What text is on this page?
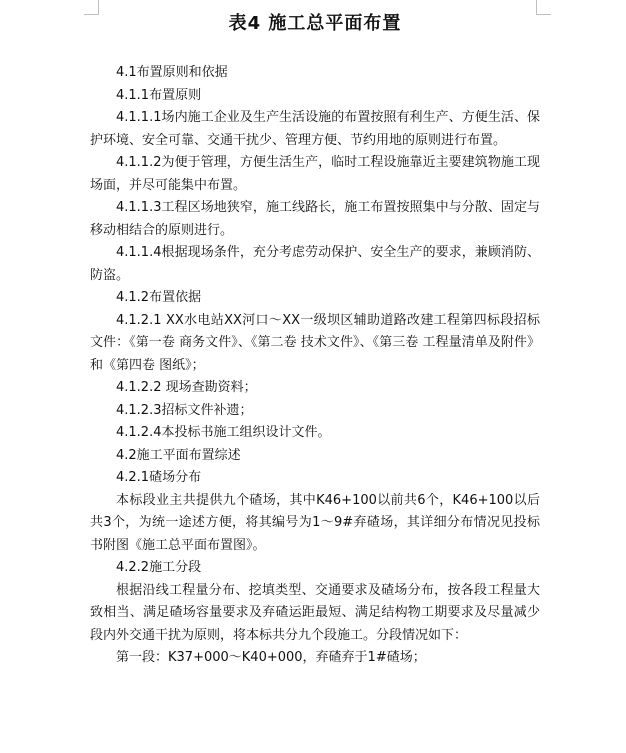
表4 施工总平面布置

4.1布置原则和依据

4.1.1布置原则

4.1.1.1场内施工企业及生产生活设施的布置按照有利生产、方便生活、保护环境、安全可靠、交通干扰少、管理方便、节约用地的原则进行布置。

4.1.1.2为便于管理，方便生活生产，临时工程设施靠近主要建筑物施工现场面，并尽可能集中布置。

4.1.1.3工程区场地狭窄，施工线路长，施工布置按照集中与分散、固定与移动相结合的原则进行。

4.1.1.4根据现场条件，充分考虑劳动保护、安全生产的要求，兼顾消防、防盗。

4.1.2布置依据

4.1.2.1 XX水电站XX河口～XX一级坝区辅助道路改建工程第四标段招标文件：《第一卷 商务文件》、《第二卷 技术文件》、《第三卷 工程量清单及附件》和《第四卷 图纸》；

4.1.2.2 现场查勘资料；

4.1.2.3招标文件补遗；

4.1.2.4本投标书施工组织设计文件。

4.2施工平面布置综述

4.2.1碴场分布

本标段业主共提供九个碴场，其中K46+100以前共6个，K46+100以后共3个，为统一途述方便，将其编号为1～9#弃碴场，其详细分布情况见投标书附图《施工总平面布置图》。

4.2.2施工分段

根据沿线工程量分布、挖填类型、交通要求及碴场分布，按各段工程量大致相当、满足碴场容量要求及弃碴运距最短、满足结构物工期要求及尽量减少段内外交通干扰为原则，将本标共分九个段施工。分段情况如下：

第一段：K37+000～K40+000，弃碴弃于1#碴场；
